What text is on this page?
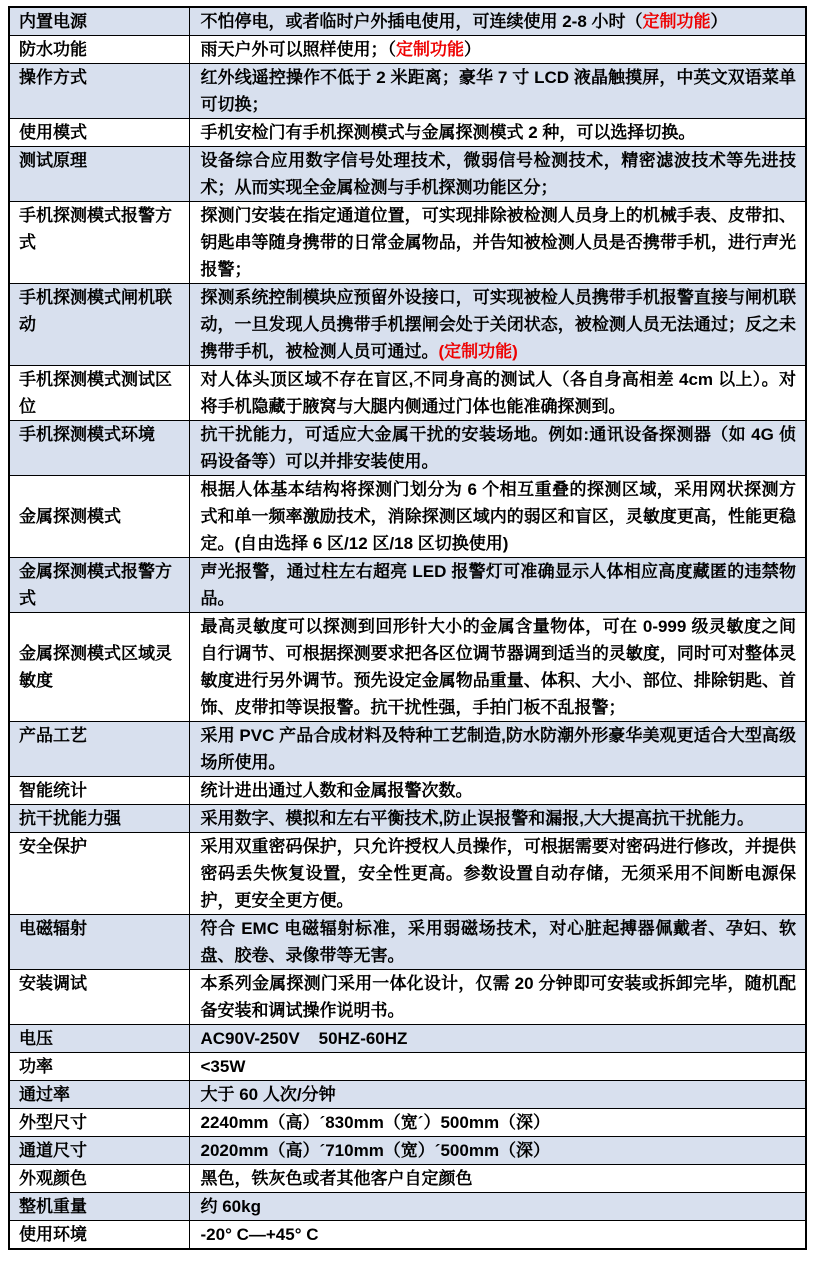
内置电源	不怕停电，或者临时户外插电使用，可连续使用 2-8 小时（定制功能）
防水功能	雨天户外可以照样使用；（定制功能）
操作方式	红外线遥控操作不低于 2 米距离；豪华 7 寸 LCD 液晶触摸屏，中英文双语菜单可切换；
使用模式	手机安检门有手机探测模式与金属探测模式 2 种，可以选择切换。
测试原理	设备综合应用数字信号处理技术，微弱信号检测技术，精密滤波技术等先进技术；从而实现全金属检测与手机探测功能区分；
手机探测模式报警方式	探测门安装在指定通道位置，可实现排除被检测人员身上的机械手表、皮带扣、钥匙串等随身携带的日常金属物品，并告知被检测人员是否携带手机，进行声光报警；
手机探测模式闸机联动	探测系统控制模块应预留外设接口，可实现被检人员携带手机报警直接与闸机联动，一旦发现人员携带手机摆闸会处于关闭状态，被检测人员无法通过；反之未携带手机，被检测人员可通过。(定制功能)
手机探测模式测试区位	对人体头顶区域不存在盲区,不同身高的测试人（各自身高相差 4cm 以上）。对将手机隐藏于腋窝与大腿内侧通过门体也能准确探测到。
手机探测模式环境	抗干扰能力，可适应大金属干扰的安装场地。例如:通讯设备探测器（如 4G 侦码设备等）可以并排安装使用。
金属探测模式	根据人体基本结构将探测门划分为 6 个相互重叠的探测区域，采用网状探测方式和单一频率激励技术，消除探测区域内的弱区和盲区，灵敏度更高，性能更稳定。(自由选择 6 区/12 区/18 区切换使用)
金属探测模式报警方式	声光报警，通过柱左右超亮 LED 报警灯可准确显示人体相应高度藏匿的违禁物品。
金属探测模式区域灵敏度	最高灵敏度可以探测到回形针大小的金属含量物体，可在 0-999 级灵敏度之间自行调节、可根据探测要求把各区位调节器调到适当的灵敏度，同时可对整体灵敏度进行另外调节。预先设定金属物品重量、体积、大小、部位、排除钥匙、首饰、皮带扣等误报警。抗干扰性强，手拍门板不乱报警；
产品工艺	采用 PVC 产品合成材料及特种工艺制造,防水防潮外形豪华美观更适合大型高级场所使用。
智能统计	统计进出通过人数和金属报警次数。
抗干扰能力强	采用数字、模拟和左右平衡技术,防止误报警和漏报,大大提高抗干扰能力。
安全保护	采用双重密码保护，只允许授权人员操作，可根据需要对密码进行修改，并提供密码丢失恢复设置，安全性更高。参数设置自动存储，无须采用不间断电源保护，更安全更方便。
电磁辐射	符合 EMC 电磁辐射标准，采用弱磁场技术，对心脏起搏器佩戴者、孕妇、软盘、胶卷、录像带等无害。
安装调试	本系列金属探测门采用一体化设计，仅需 20 分钟即可安装或拆卸完毕，随机配备安装和调试操作说明书。
电压	AC90V-250V    50HZ-60HZ
功率	<35W
通过率	大于 60 人次/分钟
外型尺寸	2240mm（高）´830mm（宽´）500mm（深）
通道尺寸	2020mm（高）´710mm（宽）´500mm（深）
外观颜色	黑色，铁灰色或者其他客户自定颜色
整机重量	约 60kg
使用环境	-20° C—+45° C
